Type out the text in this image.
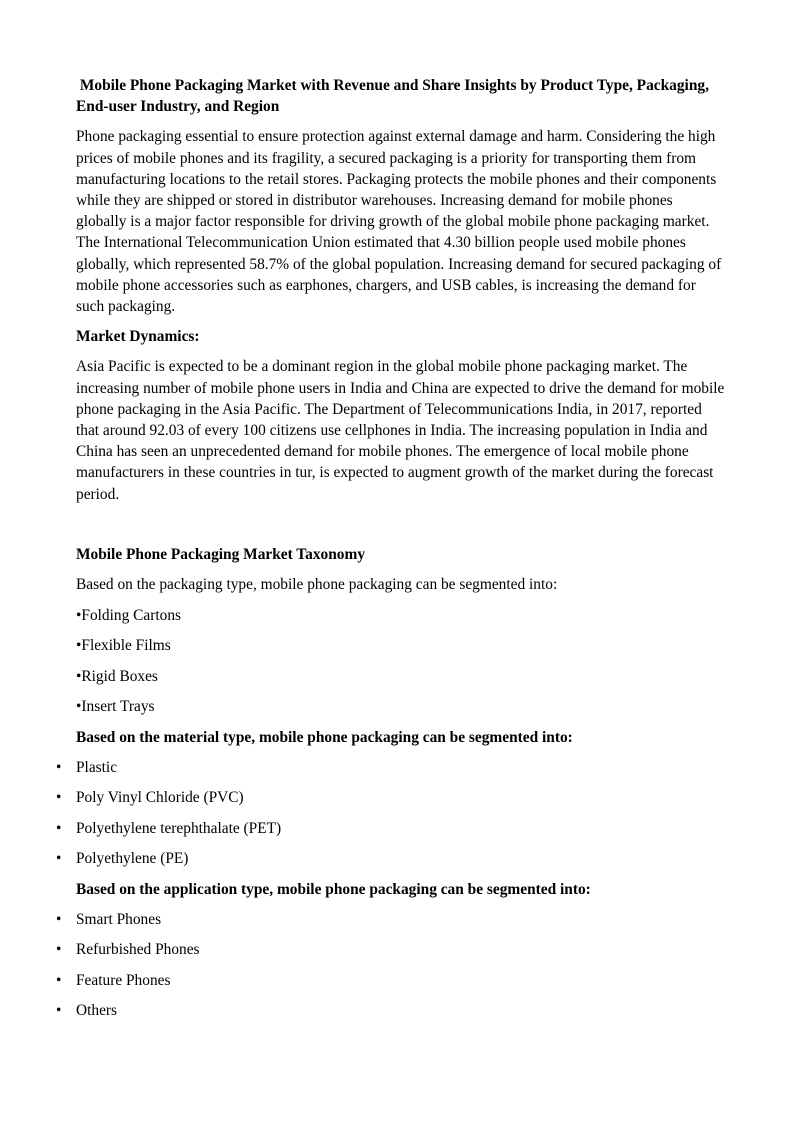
Mobile Phone Packaging Market with Revenue and Share Insights by Product Type, Packaging, End-user Industry, and Region

Phone packaging essential to ensure protection against external damage and harm. Considering the high prices of mobile phones and its fragility, a secured packaging is a priority for transporting them from manufacturing locations to the retail stores. Packaging protects the mobile phones and their components while they are shipped or stored in distributor warehouses. Increasing demand for mobile phones globally is a major factor responsible for driving growth of the global mobile phone packaging market. The International Telecommunication Union estimated that 4.30 billion people used mobile phones globally, which represented 58.7% of the global population. Increasing demand for secured packaging of mobile phone accessories such as earphones, chargers, and USB cables, is increasing the demand for such packaging.

Market Dynamics:

Asia Pacific is expected to be a dominant region in the global mobile phone packaging market. The increasing number of mobile phone users in India and China are expected to drive the demand for mobile phone packaging in the Asia Pacific. The Department of Telecommunications India, in 2017, reported that around 92.03 of every 100 citizens use cellphones in India. The increasing population in India and China has seen an unprecedented demand for mobile phones. The emergence of local mobile phone manufacturers in these countries in tur, is expected to augment growth of the market during the forecast period.

Mobile Phone Packaging Market Taxonomy
Based on the packaging type, mobile phone packaging can be segmented into:
•Folding Cartons
•Flexible Films
•Rigid Boxes
•Insert Trays
Based on the material type, mobile phone packaging can be segmented into:
• Plastic
• Poly Vinyl Chloride (PVC)
• Polyethylene terephthalate (PET)
• Polyethylene (PE)
Based on the application type, mobile phone packaging can be segmented into:
• Smart Phones
• Refurbished Phones
• Feature Phones
• Others
